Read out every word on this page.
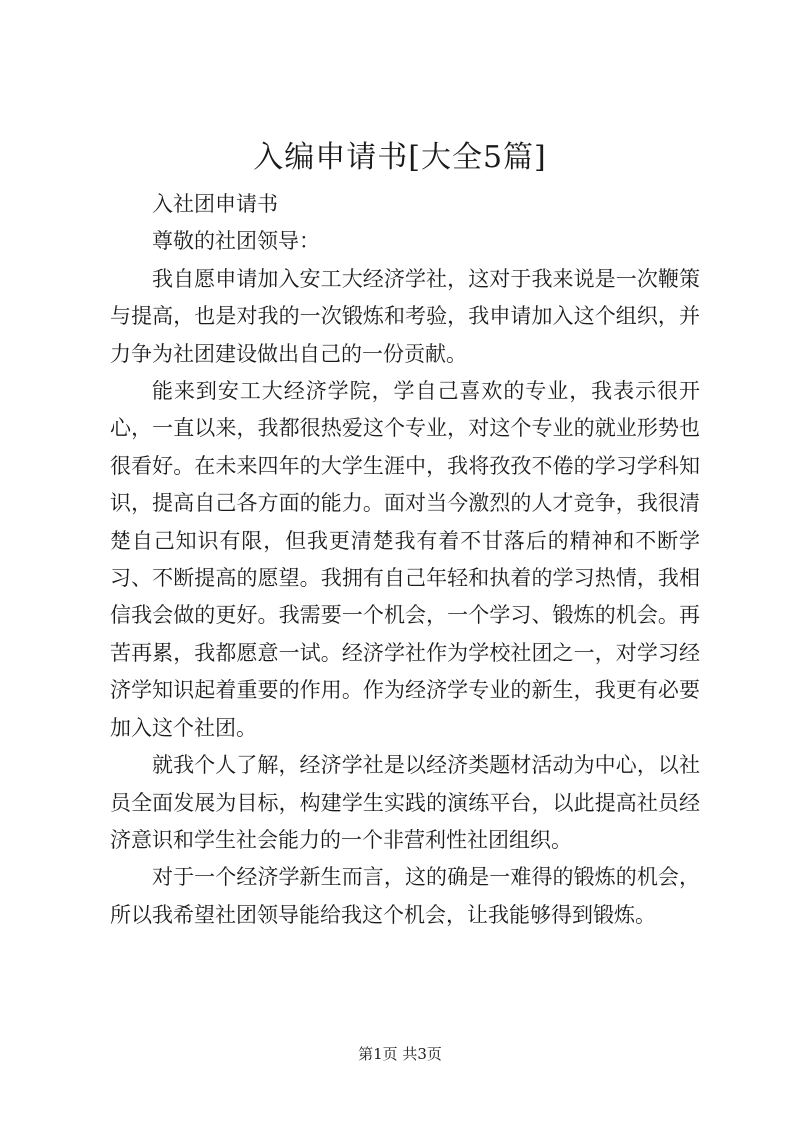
入编申请书[大全5篇]

入社团申请书

尊敬的社团领导：

我自愿申请加入安工大经济学社，这对于我来说是一次鞭策与提高，也是对我的一次锻炼和考验，我申请加入这个组织，并力争为社团建设做出自己的一份贡献。

能来到安工大经济学院，学自己喜欢的专业，我表示很开心，一直以来，我都很热爱这个专业，对这个专业的就业形势也很看好。在未来四年的大学生涯中，我将孜孜不倦的学习学科知识，提高自己各方面的能力。面对当今激烈的人才竞争，我很清楚自己知识有限，但我更清楚我有着不甘落后的精神和不断学习、不断提高的愿望。我拥有自己年轻和执着的学习热情，我相信我会做的更好。我需要一个机会，一个学习、锻炼的机会。再苦再累，我都愿意一试。经济学社作为学校社团之一，对学习经济学知识起着重要的作用。作为经济学专业的新生，我更有必要加入这个社团。

就我个人了解，经济学社是以经济类题材活动为中心，以社员全面发展为目标，构建学生实践的演练平台，以此提高社员经济意识和学生社会能力的一个非营利性社团组织。

对于一个经济学新生而言，这的确是一难得的锻炼的机会，所以我希望社团领导能给我这个机会，让我能够得到锻炼。

第1页 共3页
